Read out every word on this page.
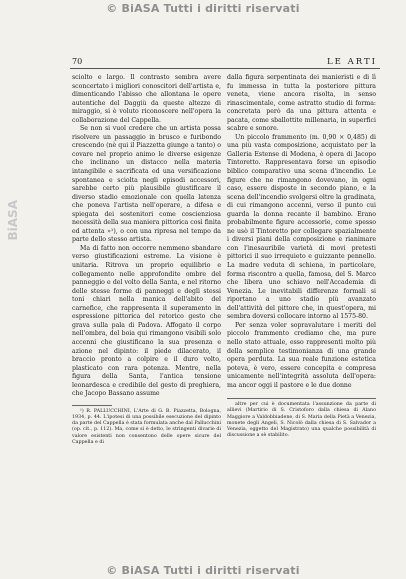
© BiASA Tutti i diritti riservati
BiASA
70	LE ARTI

sciolto e largo. Il contrasto sembra avere sconcertato i migliori conoscitori dell'artista e, dimenticando l'abisso che allontana le opere autentiche del Daggiù da queste altezze di miraggio, si è voluto riconoscere nell'opera la collaborazione del Cappella.

Se non si vuol credere che un artista possa risolvere un passaggio in brusco e furibondo crescendo (nè qui il Piazzetta giunge a tanto) o covare nel proprio animo le diverse esigenze che inclinano un distacco nella materia intangibile e sacrificata ed una versificazione spontanea e sciolta negli episodi accessori, sarebbe certo più plausibile giustificare il diverso stadio emozionale con quella latenza che poneva l'artista nell'operare, a difesa e spiegata dei sostenitori come coscienziosa necessità della sua maniera pittorica così finita ed attenta »¹), o con una ripresa nel tempo da parte dello stesso artista.

Ma di fatto non occorre nemmeno sbandare verso giustificazioni estreme. La visione è unitaria. Ritrova un proprio equilibrio e collegamento nelle approfondite ombre del panneggio e del volto della Santa, e nel ritorno delle stesse forme di panneggi e degli stessi toni chiari nella manica dell'abito del carnefice, che rappresenta il superamento in espressione pittorica del retorico gesto che grava sulla pala di Padova. Affogato il corpo nell'ombra, del boia qui rimangono visibili solo accenni che giustificano la sua presenza e azione nel dipinto: il piede dilacerato, il braccio pronto a colpire e il duro volto, plasticato con rara potenza. Mentre, nella figura della Santa, l'antica tensione leonardesca e credibile del gesto di preghiera, che Jacopo Bassano assume

¹) R. PALLUCCHINI, L'Arte di G. B. Piazzetta, Bologna, 1934, p. 44. L'ipotesi di una possibile esecuzione del dipinto da parte del Cappella è stata formulata anche dal Pallucchini (op. cit., p. 112). Ma, come si è detto, le stringenti divarie di valore esistenti non consentono delle opere sicure del Cappella e di

dalla figura serpentinata dei manieristi e di lì fu immessa in tutta la posteriore pittura veneta, viene ancora risolta, in senso rinascimentale, come astratto studio di forma: concretata però da una pittura attenta e pacata, come sballottite millenaria, in superfici scabre e sonore.

Un piccolo frammento (m. 0,90 × 0,485) di una più vasta composizione, acquistato per la Galleria Estense di Modena, è opera di Jacopo Tintoretto. Rappresentava forse un episodio biblico comparativo una scena d'incendio. Le figure che ne rimangono dovevano, in ogni caso, essere disposte in secondo piano, e la scena dell'incendio svolgersi oltre la gradinata, di cui rimangono accenni, verso il punto cui guarda la donna recante il bambino. Erano probabilmente figure accessorie, come spesso ne usò il Tintoretto per collegare spazialmente i diversi piani della composizione e rianimare con l'inesauribile varietà di movi pretesti pittorici il suo irrequieto e guizzante pennello. La madre veduta di schiena, in particolare, forma riscontro a quella, famosa, del S. Marco che libera uno schiavo nell'Accademia di Venezia. Le inevitabili differenze formali si riportano a uno stadio più avanzato dell'attività del pittore che, in quest'opera, mi sembra doversi collocare intorno al 1575-80.

Per senza voler sopravalutare i meriti del piccolo frammento crediamo che, ma pure nello stato attuale, esso rappresenti molto più della semplice testimonianza di una grande opera perduta. La sua reale funzione estetica poteva, è vero, essere concepita e compresa unicamente nell'integrità assoluta dell'opera: ma ancor oggi il pastore e le due donne

altre per cui è documentata l'assunzione da parte di allievi (Martirio di S. Cristoforo dalla chiesa di Alano Maggiore a Valdobbiadene, di S. Maria della Pietà a Venezia, monete degli Angeli, S. Nicolò dalla chiesa di S. Salvador a Venezia, oggetto del Magistrato) una qualche possibilità di discussione a sè stabilito.

© BiASA Tutti i diritti riservati
